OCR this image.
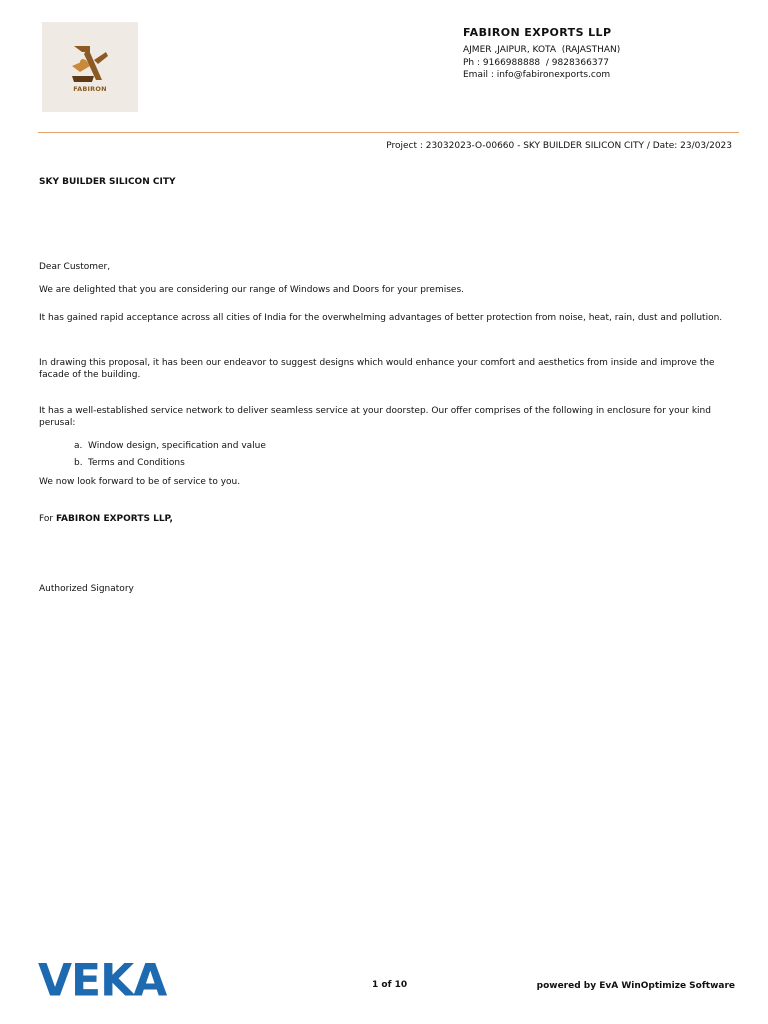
FABIRON
FABIRON EXPORTS LLP
AJMER ,JAIPUR, KOTA  (RAJASTHAN)
Ph : 9166988888  / 9828366377
Email : info@fabironexports.com
Project : 23032023-O-00660 - SKY BUILDER SILICON CITY / Date: 23/03/2023
SKY BUILDER SILICON CITY
Dear Customer,
We are delighted that you are considering our range of Windows and Doors for your premises.
It has gained rapid acceptance across all cities of India for the overwhelming advantages of better protection from noise, heat, rain, dust and pollution.
In drawing this proposal, it has been our endeavor to suggest designs which would enhance your comfort and aesthetics from inside and improve the facade of the building.
It has a well-established service network to deliver seamless service at your doorstep. Our offer comprises of the following in enclosure for your kind perusal:
a. Window design, specification and value
b. Terms and Conditions
We now look forward to be of service to you.
For FABIRON EXPORTS LLP,
Authorized Signatory
VEKA	1 of 10	powered by EvA WinOptimize Software
